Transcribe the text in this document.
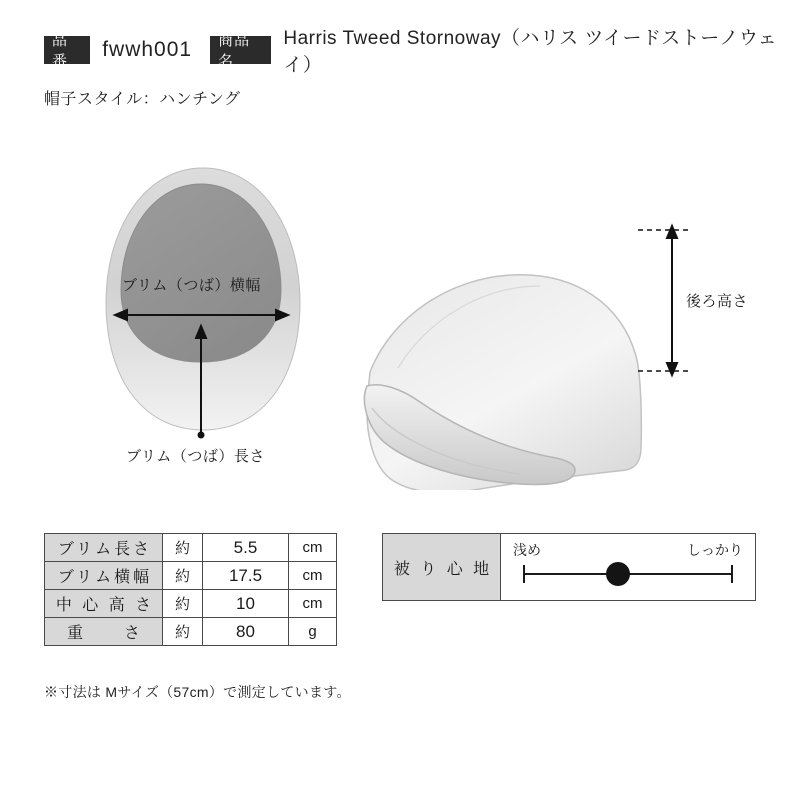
品番
fwwh001	商品名
Harris Tweed Stornoway（ハリス ツイードストーノウェイ）
帽子スタイル：ハンチング
ブリム（つば）横幅
ブリム（つば）長さ
後ろ高さ
ブリム長さ	約	5.5	cm
ブリム横幅	約	17.5	cm
中 心 高 さ	約	10	cm
重　　さ	約	80	g
※寸法は Mサイズ（57cm）で測定しています。
被 り 心 地
浅め	しっかり
